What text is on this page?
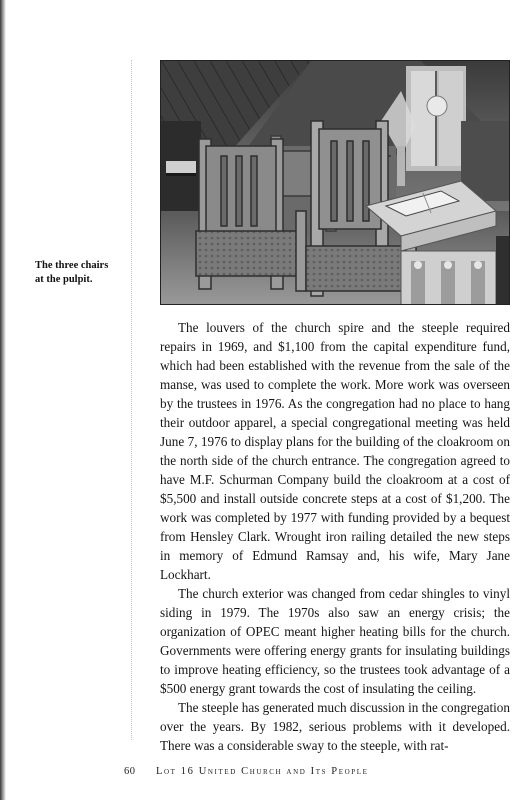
The three chairs
at the pulpit.

The louvers of the church spire and the steeple required repairs in 1969, and $1,100 from the capital expenditure fund, which had been established with the revenue from the sale of the manse, was used to complete the work. More work was overseen by the trustees in 1976. As the congregation had no place to hang their outdoor apparel, a special congregational meeting was held June 7, 1976 to display plans for the building of the cloakroom on the north side of the church entrance. The congregation agreed to have M.F. Schurman Company build the cloakroom at a cost of $5,500 and install outside concrete steps at a cost of $1,200. The work was completed by 1977 with funding provided by a bequest from Hensley Clark. Wrought iron railing detailed the new steps in memory of Edmund Ramsay and, his wife, Mary Jane Lockhart.

The church exterior was changed from cedar shingles to vinyl siding in 1979. The 1970s also saw an energy crisis; the organization of OPEC meant higher heating bills for the church. Governments were offering energy grants for insulating buildings to improve heating efficiency, so the trustees took advantage of a $500 energy grant towards the cost of insulating the ceiling.

The steeple has generated much discussion in the congregation over the years. By 1982, serious problems with it developed. There was a considerable sway to the steeple, with rat-

60 Lot 16 United Church and Its People
